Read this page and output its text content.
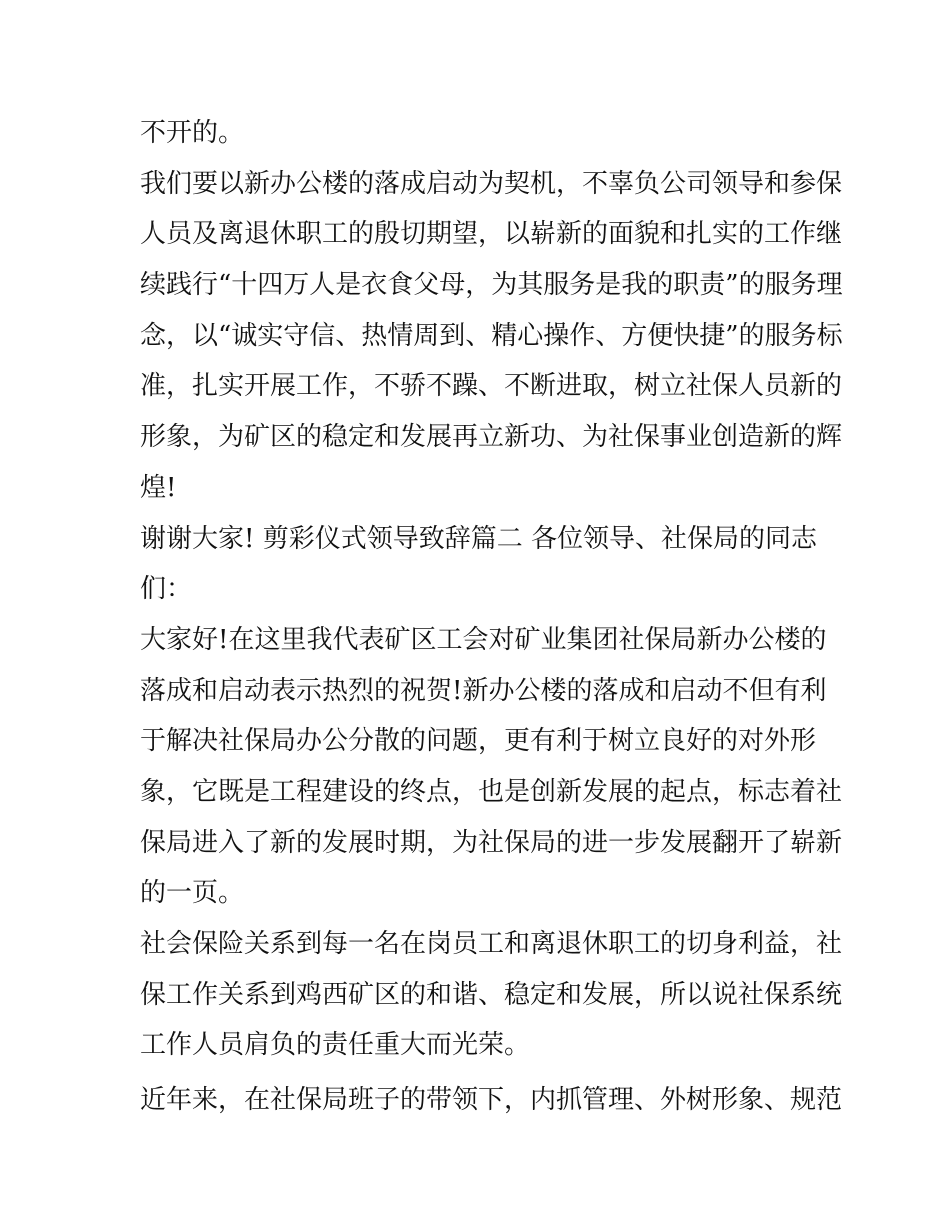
不开的。
我们要以新办公楼的落成启动为契机，不辜负公司领导和参保
人员及离退休职工的殷切期望，以崭新的面貌和扎实的工作继
续践行“十四万人是衣食父母，为其服务是我的职责”的服务理
念，以“诚实守信、热情周到、精心操作、方便快捷”的服务标
准，扎实开展工作，不骄不躁、不断进取，树立社保人员新的
形象，为矿区的稳定和发展再立新功、为社保事业创造新的辉
煌!
谢谢大家! 剪彩仪式领导致辞篇二 各位领导、社保局的同志
们：
大家好!在这里我代表矿区工会对矿业集团社保局新办公楼的
落成和启动表示热烈的祝贺!新办公楼的落成和启动不但有利
于解决社保局办公分散的问题，更有利于树立良好的对外形
象，它既是工程建设的终点，也是创新发展的起点，标志着社
保局进入了新的发展时期，为社保局的进一步发展翻开了崭新
的一页。
社会保险关系到每一名在岗员工和离退休职工的切身利益，社
保工作关系到鸡西矿区的和谐、稳定和发展，所以说社保系统
工作人员肩负的责任重大而光荣。
近年来，在社保局班子的带领下，内抓管理、外树形象、规范
